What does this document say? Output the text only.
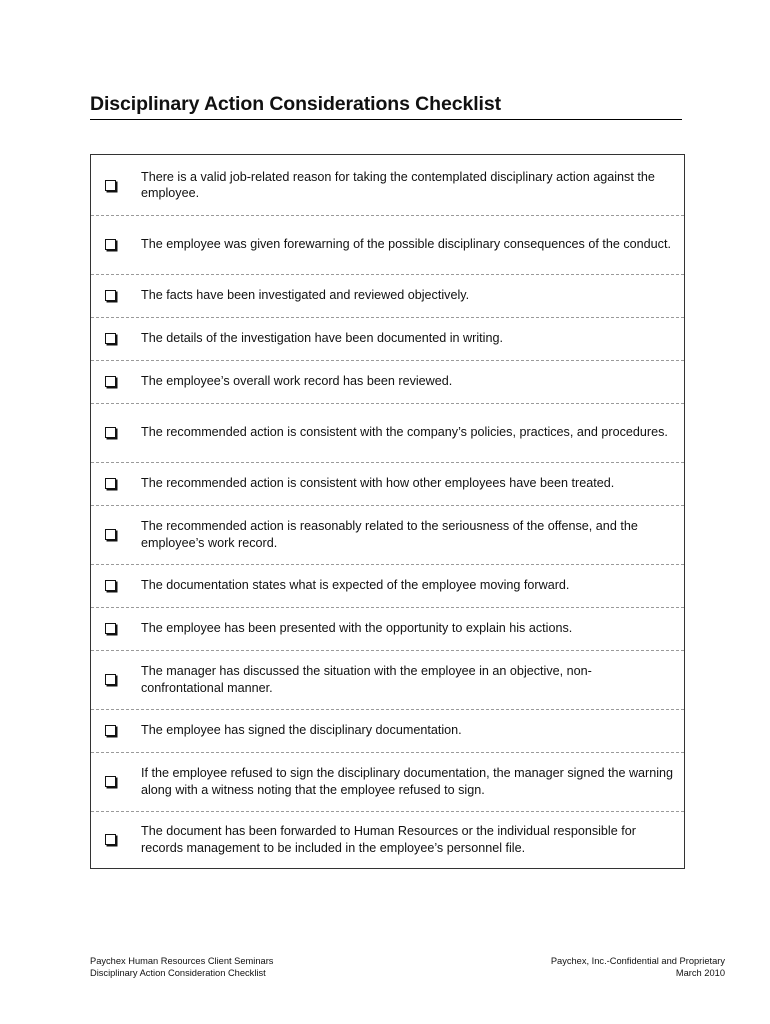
Disciplinary Action Considerations Checklist
There is a valid job-related reason for taking the contemplated disciplinary action against the employee.
The employee was given forewarning of the possible disciplinary consequences of the conduct.
The facts have been investigated and reviewed objectively.
The details of the investigation have been documented in writing.
The employee’s overall work record has been reviewed.
The recommended action is consistent with the company’s policies, practices, and procedures.
The recommended action is consistent with how other employees have been treated.
The recommended action is reasonably related to the seriousness of the offense, and the employee’s work record.
The documentation states what is expected of the employee moving forward.
The employee has been presented with the opportunity to explain his actions.
The manager has discussed the situation with the employee in an objective, non-confrontational manner.
The employee has signed the disciplinary documentation.
If the employee refused to sign the disciplinary documentation, the manager signed the warning along with a witness noting that the employee refused to sign.
The document has been forwarded to Human Resources or the individual responsible for records management to be included in the employee’s personnel file.
Paychex Human Resources Client Seminars
Disciplinary Action Consideration Checklist
Paychex, Inc.-Confidential and Proprietary
March 2010
